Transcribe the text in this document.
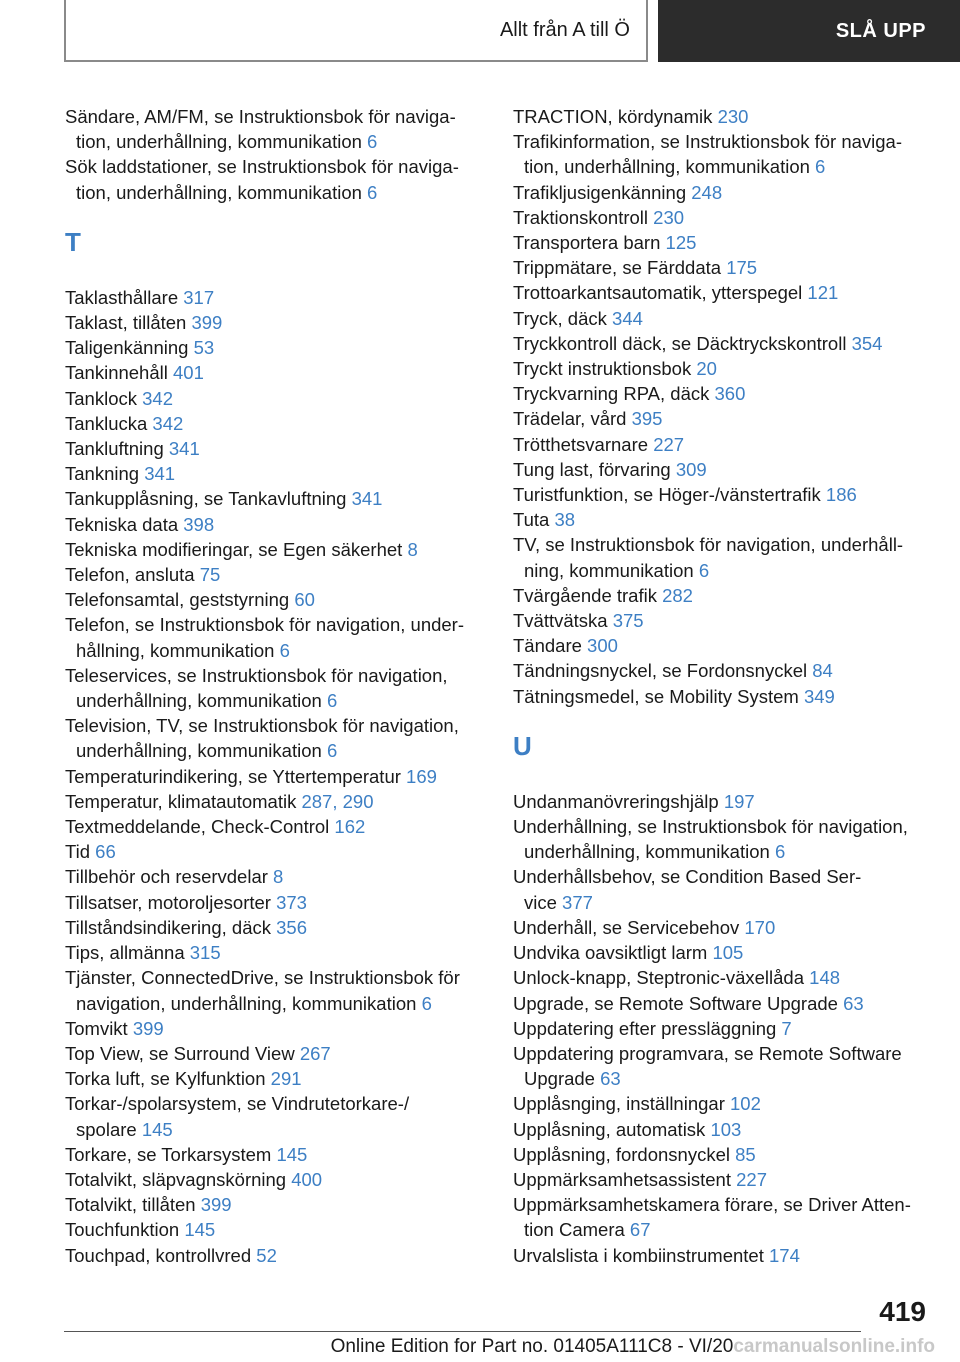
Allt från A till Ö	SLÅ UPP
Sändare, AM/FM, se Instruktionsbok för naviga-
tion, underhållning, kommunikation 6
Sök laddstationer, se Instruktionsbok för naviga-
tion, underhållning, kommunikation 6
T
Taklasthållare 317
Taklast, tillåten 399
Taligenkänning 53
Tankinnehåll 401
Tanklock 342
Tanklucka 342
Tankluftning 341
Tankning 341
Tankupplåsning, se Tankavluftning 341
Tekniska data 398
Tekniska modifieringar, se Egen säkerhet 8
Telefon, ansluta 75
Telefonsamtal, geststyrning 60
Telefon, se Instruktionsbok för navigation, under-
hållning, kommunikation 6
Teleservices, se Instruktionsbok för navigation,
underhållning, kommunikation 6
Television, TV, se Instruktionsbok för navigation,
underhållning, kommunikation 6
Temperaturindikering, se Yttertemperatur 169
Temperatur, klimatautomatik 287, 290
Textmeddelande, Check-Control 162
Tid 66
Tillbehör och reservdelar 8
Tillsatser, motoroljesorter 373
Tillståndsindikering, däck 356
Tips, allmänna 315
Tjänster, ConnectedDrive, se Instruktionsbok för
navigation, underhållning, kommunikation 6
Tomvikt 399
Top View, se Surround View 267
Torka luft, se Kylfunktion 291
Torkar-/spolarsystem, se Vindrutetorkare-/
spolare 145
Torkare, se Torkarsystem 145
Totalvikt, släpvagnskörning 400
Totalvikt, tillåten 399
Touchfunktion 145
Touchpad, kontrollvred 52
TRACTION, kördynamik 230
Trafikinformation, se Instruktionsbok för naviga-
tion, underhållning, kommunikation 6
Trafikljusigenkänning 248
Traktionskontroll 230
Transportera barn 125
Trippmätare, se Färddata 175
Trottoarkantsautomatik, ytterspegel 121
Tryck, däck 344
Tryckkontroll däck, se Däcktryckskontroll 354
Tryckt instruktionsbok 20
Tryckvarning RPA, däck 360
Trädelar, vård 395
Trötthetsvarnare 227
Tung last, förvaring 309
Turistfunktion, se Höger-/vänstertrafik 186
Tuta 38
TV, se Instruktionsbok för navigation, underhåll-
ning, kommunikation 6
Tvärgående trafik 282
Tvättvätska 375
Tändare 300
Tändningsnyckel, se Fordonsnyckel 84
Tätningsmedel, se Mobility System 349
U
Undanmanövreringshjälp 197
Underhållning, se Instruktionsbok för navigation,
underhållning, kommunikation 6
Underhållsbehov, se Condition Based Ser-
vice 377
Underhåll, se Servicebehov 170
Undvika oavsiktligt larm 105
Unlock-knapp, Steptronic-växellåda 148
Upgrade, se Remote Software Upgrade 63
Uppdatering efter pressläggning 7
Uppdatering programvara, se Remote Software
Upgrade 63
Upplåsnging, inställningar 102
Upplåsning, automatisk 103
Upplåsning, fordonsnyckel 85
Uppmärksamhetsassistent 227
Uppmärksamhetskamera förare, se Driver Atten-
tion Camera 67
Urvalslista i kombiinstrumentet 174
419
Online Edition for Part no. 01405A111C8 - VI/20carmanualsonline.info
